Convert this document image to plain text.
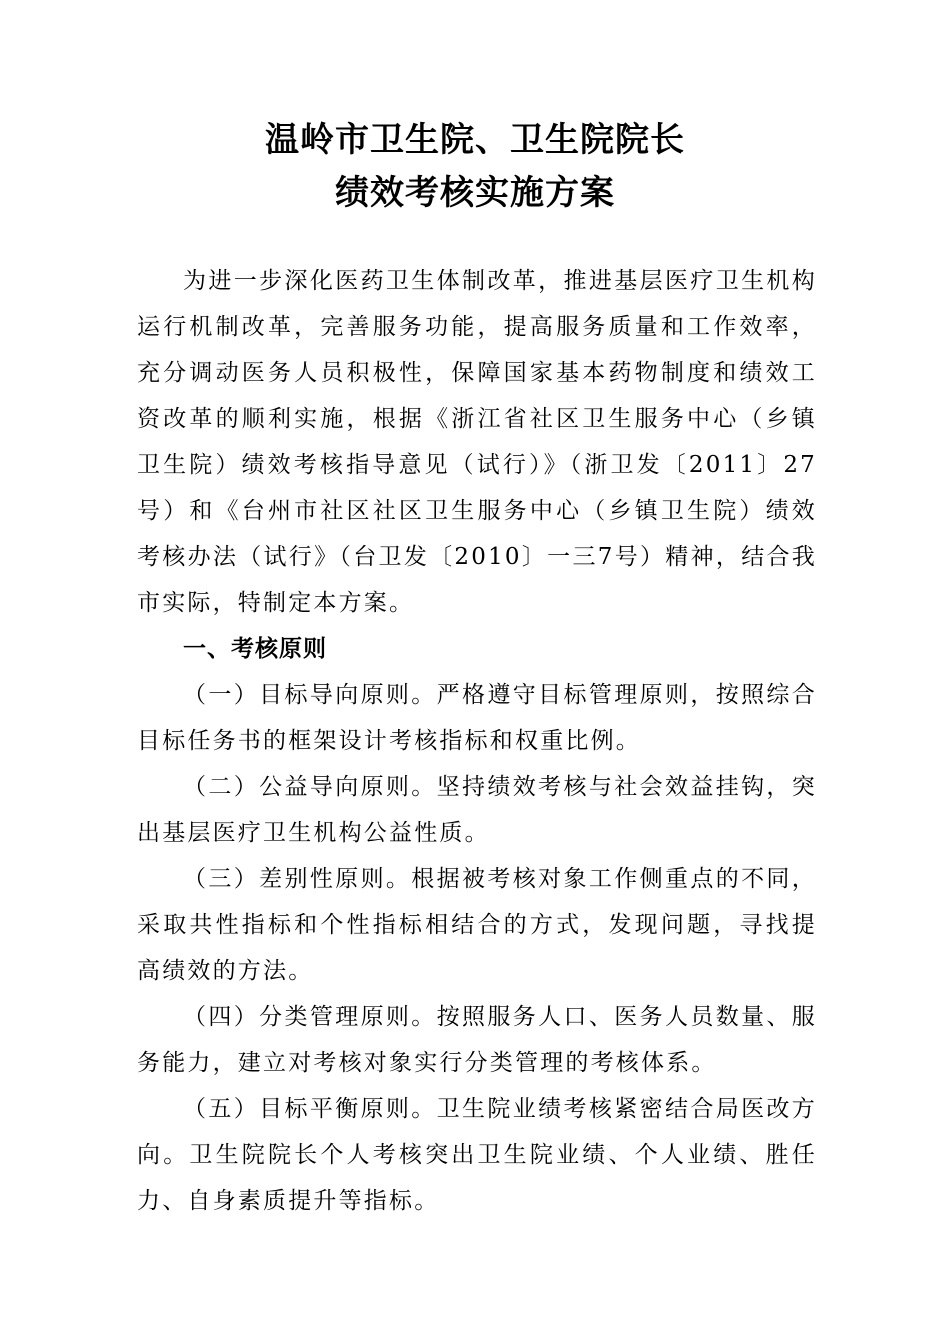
温岭市卫生院、卫生院院长
绩效考核实施方案

为进一步深化医药卫生体制改革，推进基层医疗卫生机构运行机制改革，完善服务功能，提高服务质量和工作效率，充分调动医务人员积极性，保障国家基本药物制度和绩效工资改革的顺利实施，根据《浙江省社区卫生服务中心（乡镇卫生院）绩效考核指导意见（试行）》（浙卫发〔2011〕27号）和《台州市社区社区卫生服务中心（乡镇卫生院）绩效考核办法（试行》（台卫发〔2010〕一三7号）精神，结合我市实际，特制定本方案。

一、考核原则

（一）目标导向原则。严格遵守目标管理原则，按照综合目标任务书的框架设计考核指标和权重比例。

（二）公益导向原则。坚持绩效考核与社会效益挂钩，突出基层医疗卫生机构公益性质。

（三）差别性原则。根据被考核对象工作侧重点的不同，采取共性指标和个性指标相结合的方式，发现问题，寻找提高绩效的方法。

（四）分类管理原则。按照服务人口、医务人员数量、服务能力，建立对考核对象实行分类管理的考核体系。

（五）目标平衡原则。卫生院业绩考核紧密结合局医改方向。卫生院院长个人考核突出卫生院业绩、个人业绩、胜任力、自身素质提升等指标。
